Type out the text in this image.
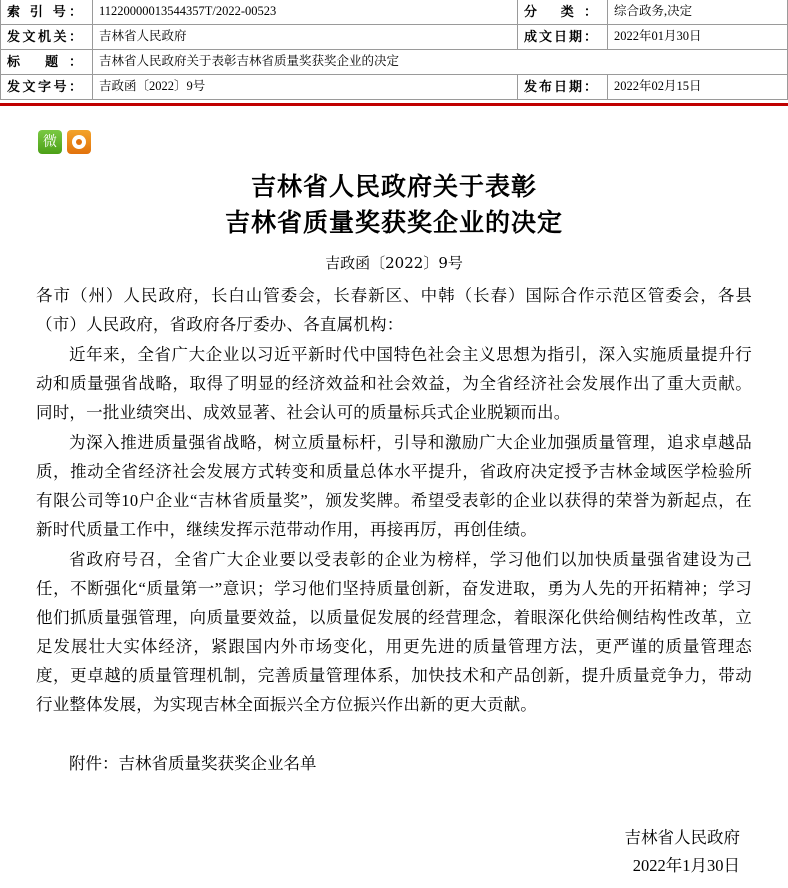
索 引 号：	11220000013544357T/2022-00523	分 类：	综合政务,决定
发文机关：	吉林省人民政府	成文日期：	2022年01月30日
标 题：	吉林省人民政府关于表彰吉林省质量奖获奖企业的决定		
发文字号：	吉政函〔2022〕9号	发布日期：	2022年02月15日
微
吉林省人民政府关于表彰
吉林省质量奖获奖企业的决定
吉政函〔2022〕9号

各市（州）人民政府，长白山管委会，长春新区、中韩（长春）国际合作示范区管委会，各县（市）人民政府，省政府各厅委办、各直属机构：

近年来，全省广大企业以习近平新时代中国特色社会主义思想为指引，深入实施质量提升行动和质量强省战略，取得了明显的经济效益和社会效益，为全省经济社会发展作出了重大贡献。同时，一批业绩突出、成效显著、社会认可的质量标兵式企业脱颖而出。

为深入推进质量强省战略，树立质量标杆，引导和激励广大企业加强质量管理，追求卓越品质，推动全省经济社会发展方式转变和质量总体水平提升，省政府决定授予吉林金域医学检验所有限公司等10户企业“吉林省质量奖”，颁发奖牌。希望受表彰的企业以获得的荣誉为新起点，在新时代质量工作中，继续发挥示范带动作用，再接再厉，再创佳绩。

省政府号召，全省广大企业要以受表彰的企业为榜样，学习他们以加快质量强省建设为己任，不断强化“质量第一”意识；学习他们坚持质量创新，奋发进取，勇为人先的开拓精神；学习他们抓质量强管理，向质量要效益，以质量促发展的经营理念，着眼深化供给侧结构性改革，立足发展壮大实体经济，紧跟国内外市场变化，用更先进的质量管理方法，更严谨的质量管理态度，更卓越的质量管理机制，完善质量管理体系，加快技术和产品创新，提升质量竞争力，带动行业整体发展，为实现吉林全面振兴全方位振兴作出新的更大贡献。

附件：吉林省质量奖获奖企业名单
吉林省人民政府
2022年1月30日
